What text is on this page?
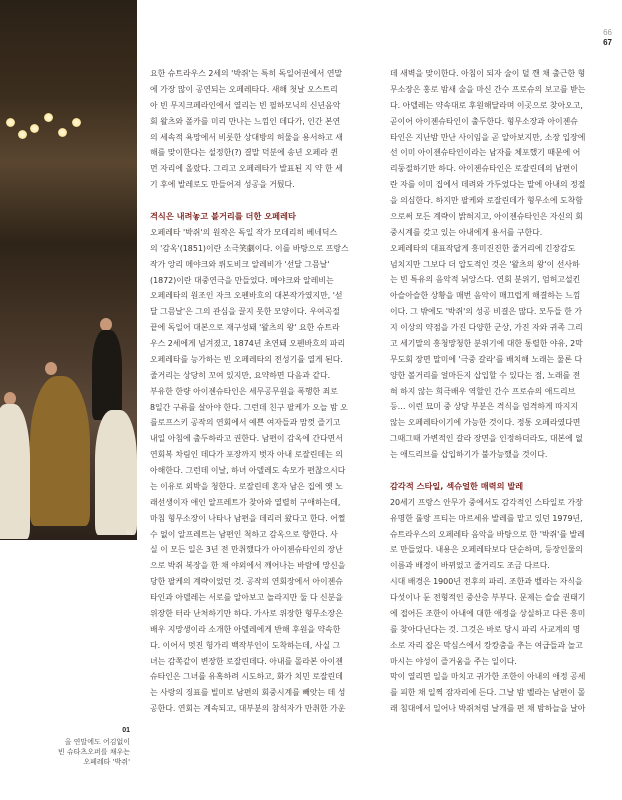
01
01
올 연말에도 어김없이
빈 슈타츠오퍼를 채우는
오페레타 '박쥐'
66
67
요한 슈트라우스 2세의 '박쥐'는 특히 독일어권에서 연말
에 가장 많이 공연되는 오페레타다. 새해 첫날 오스트리
아 빈 무지크페라인에서 열리는 빈 필하모닉의 신년음악
회 왈츠와 폴카를 미리 만나는 느낌인 데다가, 인간 본연
의 세속적 욕망에서 비롯한 상대방의 허물을 용서하고 새
해를 맞이한다는 설정한(?) 결말 덕분에 송년 오페라 퀸
먼 자리에 올랐다. 그리고 오페레타가 발표된 지 약 한 세
기 후에 발레로도 만들어져 성공을 거뒀다.
격식은 내려놓고 볼거리를 더한 오페레타
오페레타 '박쥐'의 원작은 독일 작가 모데리히 베네딕스
의 '감옥'(1851)이란 소극笑劇이다. 이를 바탕으로 프랑스
작가 앙리 메야크와 뤼도비크 알레비가 '선달 그믐날'
(1872)이란 대중연극을 만들었다. 메야크와 알레비는
오페레타의 원조인 자크 오펜바흐의 대본작가였지만, '섣
달 그믐날'은 그의 관심을 끌지 못한 모양이다. 우여곡절
끝에 독일어 대본으로 재구성돼 '왈츠의 왕' 요한 슈트라
우스 2세에게 넘겨졌고, 1874년 초연돼 오펜바흐의 파리
오페레타를 능가하는 빈 오페레타의 전성기를 열게 된다.
줄거리는 상당히 꼬여 있지만, 요약하면 다음과 같다.
부유한 한량 아이젠슈타인은 세무공무원을 폭행한 죄로
8일간 구류를 살아야 한다. 그런데 친구 팔케가 오늘 밤 오
를로프스키 공작의 연회에서 예쁜 여자들과 맘껏 즐기고
내일 아침에 출두하라고 권한다. 남편이 감옥에 간다면서
연회복 차림인 데다가 포장까지 벗자 아내 로잘린데는 의
아해한다. 그런데 이날, 하녀 아델레도 속모가 편찮으시다
는 이유로 외박을 청한다. 로잘린데 혼자 남은 집에 옛 노
래선생이자 애인 알프레트가 찾아와 열렬히 구애하는데,
마침 형무소장이 나타나 남편을 데리러 왔다고 한다. 어쩔
수 없이 알프레트는 남편인 척하고 감옥으로 향한다. 사
실 이 모든 일은 3년 전 만취했다가 아이젠슈타인의 장난
으로 박쥐 복장을 한 채 야외에서 깨어나는 바람에 망신을
당한 팔케의 계략이었던 것. 공작의 연회장에서 아이젠슈
타인과 아델레는 서로를 알아보고 놀라지만 둘 다 신분을
위장한 터라 난처하기만 하다. 가사로 위장한 형무소장은
배우 지망생이라 소개한 아델레에게 반해 후원을 약속한
다. 이어서 멋진 헝가리 백작부인이 도착하는데, 사실 그
녀는 감쪽같이 변장한 로잘린데다. 아내를 몰라본 아이젠
슈타인은 그녀를 유혹하려 시도하고, 화가 치민 로잘린데
는 사랑의 징표를 빌미로 남편의 회중시계를 빼앗는 데 성
공한다. 연회는 계속되고, 대부분의 참석자가 만취한 가운
데 새벽을 맞이한다. 아침이 되자 술이 덜 깬 채 출근한 형
무소장은 홍로 밤새 술을 마신 간수 프로슈의 보고를 받는
다. 아델레는 약속대로 후원해달라며 이곳으로 찾아오고,
곧이어 아이젠슈타인이 출두한다. 형무소장과 아이젠슈
타인은 지난밤 만난 사이임을 곧 알아보지만, 소장 입장에
선 이미 아이젠슈타인이라는 남자를 체포했기 때문에 어
리둥절하기만 하다. 아이젠슈타인은 로잘린데의 남편이
란 자를 이미 집에서 데려와 가두었다는 말에 아내의 정절
을 의심한다. 하지만 팔케와 로잘린데가 형무소에 도착함
으로써 모든 계략이 밝혀지고, 아이젠슈타인은 자신의 회
중시계를 갖고 있는 아내에게 용서를 구한다.
오페레타의 대표작답게 흥미진진한 줄거리에 긴장감도
넘치지만 그보다 더 압도적인 것은 '왈츠의 왕'이 선사하
는 빈 특유의 음악적 뉘앙스다. 연회 분위기, 엄허고설킨
아슬아슬한 상황을 매번 음악이 매끄럽게 해결하는 느낌
이다. 그 밖에도 '박쥐'의 성공 비결은 많다. 모두들 한 가
지 이상의 약점을 가진 다양한 군상, 가진 자와 귀족 그리
고 세기말의 흥청망청한 분위기에 대한 통렬한 야유, 2막
무도회 장면 말미에 '극중 갈라'를 배치해 노래는 물론 다
양한 볼거리를 얼마든지 삽입할 수 있다는 점, 노래를 전
혀 하지 않는 희극배우 역할인 간수 프로슈의 애드리브
등… 이런 묘미 중 상당 부분은 격식을 엄격하게 따지지
않는 오페레타이기에 가능한 것이다. 정통 오페라였다면
그때그때 가변적인 갈라 장면을 인정하더라도, 대본에 없
는 애드리브를 삽입하기가 불가능했을 것이다.
감각적 스타일, 섹슈얼한 매력의 발레
20세기 프랑스 안무가 중에서도 감각적인 스타일로 가장
유명한 롤랑 프티는 마르세유 발레를 맡고 있던 1979년,
슈트라우스의 오페레타 음악을 바탕으로 한 '박쥐'를 발레
로 만들었다. 내용은 오페레타보다 단순하며, 등장인물의
이름과 배경이 바뀌었고 줄거리도 조금 다르다.
시대 배경은 1900년 전후의 파리. 조한과 벨라는 자식을
다섯이나 둔 전형적인 중산층 부부다. 문제는 슬슬 권태기
에 접어든 조한이 아내에 대한 애정을 상실하고 다른 흥미
를 찾아다닌다는 것. 그것은 바로 당시 파리 사교계의 명
소로 자리 잡은 막심스에서 캉캉춤을 추는 여급들과 놀고
마시는 야성이 즐거움을 주는 일이다.
막이 열리면 일을 마치고 귀가한 조한이 아내의 애정 공세
를 피한 채 일찍 잠자리에 든다. 그날 밤 벨라는 남편이 몰
래 침대에서 일어나 박쥐처럼 날개를 편 채 밤하늘을 날아
